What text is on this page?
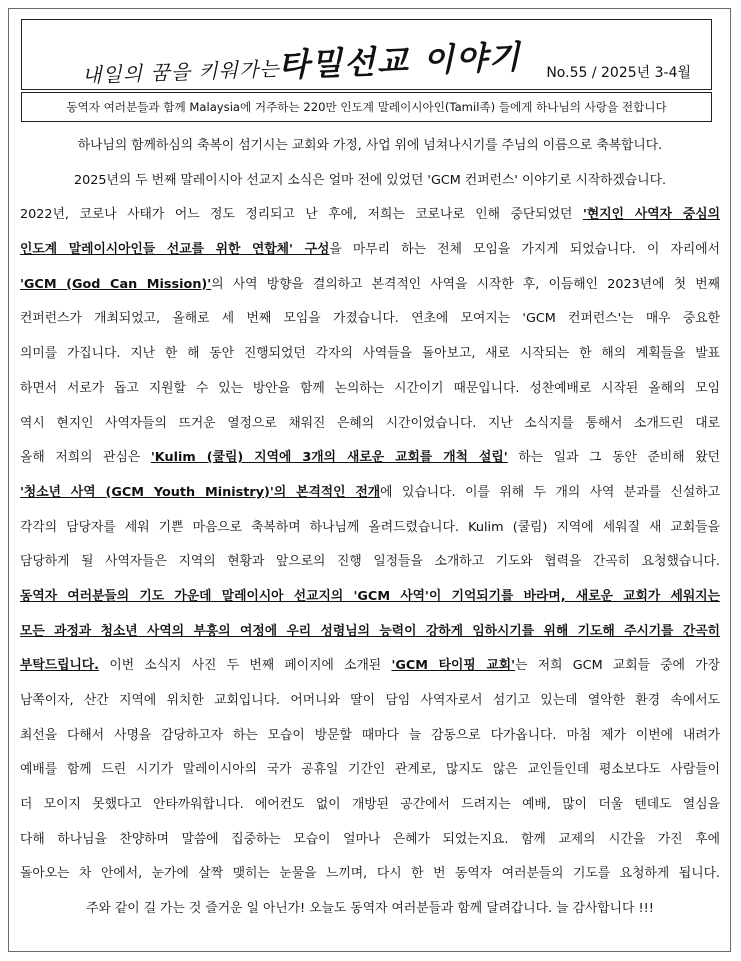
내일의 꿈을 키워가는
타밀선교 이야기 No.55 / 2025년 3-4월
동역자 여러분들과 함께 Malaysia에 거주하는 220만 인도계 말레이시아인(Tamil족) 들에게 하나님의 사랑을 전합니다
하나님의 함께하심의 축복이 섬기시는 교회와 가정, 사업 위에 넘쳐나시기를 주님의 이름으로 축복합니다.
2025년의 두 번째 말레이시아 선교지 소식은 얼마 전에 있었던 'GCM 컨퍼런스' 이야기로 시작하겠습니다.
2022년, 코로나 사태가 어느 정도 정리되고 난 후에, 저희는 코로나로 인해 중단되었던 '현지인 사역자 중심의
인도계 말레이시아인들 선교를 위한 연합체' 구성을 마무리 하는 전체 모임을 가지게 되었습니다. 이 자리에서
'GCM (God Can Mission)'의 사역 방향을 결의하고 본격적인 사역을 시작한 후, 이듬해인 2023년에 첫 번째
컨퍼런스가 개최되었고, 올해로 세 번째 모임을 가졌습니다. 연초에 모여지는 'GCM 컨퍼런스'는 매우 중요한
의미를 가집니다. 지난 한 해 동안 진행되었던 각자의 사역들을 돌아보고, 새로 시작되는 한 해의 계획들을 발표
하면서 서로가 돕고 지원할 수 있는 방안을 함께 논의하는 시간이기 때문입니다. 성찬예배로 시작된 올해의 모임
역시 현지인 사역자들의 뜨거운 열정으로 채워진 은혜의 시간이었습니다. 지난 소식지를 통해서 소개드린 대로
올해 저희의 관심은 'Kulim (쿨림) 지역에 3개의 새로운 교회를 개척 설립' 하는 일과 그 동안 준비해 왔던
'청소년 사역 (GCM Youth Ministry)'의 본격적인 전개에 있습니다. 이를 위해 두 개의 사역 분과를 신설하고
각각의 담당자를 세워 기쁜 마음으로 축복하며 하나님께 올려드렸습니다. Kulim (쿨림) 지역에 세워질 새 교회들을
담당하게 될 사역자들은 지역의 현황과 앞으로의 진행 일정들을 소개하고 기도와 협력을 간곡히 요청했습니다.
동역자 여러분들의 기도 가운데 말레이시아 선교지의 'GCM 사역'이 기억되기를 바라며, 새로운 교회가 세워지는
모든 과정과 청소년 사역의 부흥의 여정에 우리 성령님의 능력이 강하게 임하시기를 위해 기도해 주시기를 간곡히
부탁드립니다. 이번 소식지 사진 두 번째 페이지에 소개된 'GCM 타이핑 교회'는 저희 GCM 교회들 중에 가장
남쪽이자, 산간 지역에 위치한 교회입니다. 어머니와 딸이 담임 사역자로서 섬기고 있는데 열악한 환경 속에서도
최선을 다해서 사명을 감당하고자 하는 모습이 방문할 때마다 늘 감동으로 다가옵니다. 마침 제가 이번에 내려가
예배를 함께 드린 시기가 말레이시아의 국가 공휴일 기간인 관계로, 많지도 않은 교인들인데 평소보다도 사람들이
더 모이지 못했다고 안타까워합니다. 에어컨도 없이 개방된 공간에서 드려지는 예배, 많이 더울 텐데도 열심을
다해 하나님을 찬양하며 말씀에 집중하는 모습이 얼마나 은혜가 되었는지요. 함께 교제의 시간을 가진 후에
돌아오는 차 안에서, 눈가에 살짝 맺히는 눈물을 느끼며, 다시 한 번 동역자 여러분들의 기도를 요청하게 됩니다.
주와 같이 길 가는 것 즐거운 일 아닌가! 오늘도 동역자 여러분들과 함께 달려갑니다. 늘 감사합니다 !!!
